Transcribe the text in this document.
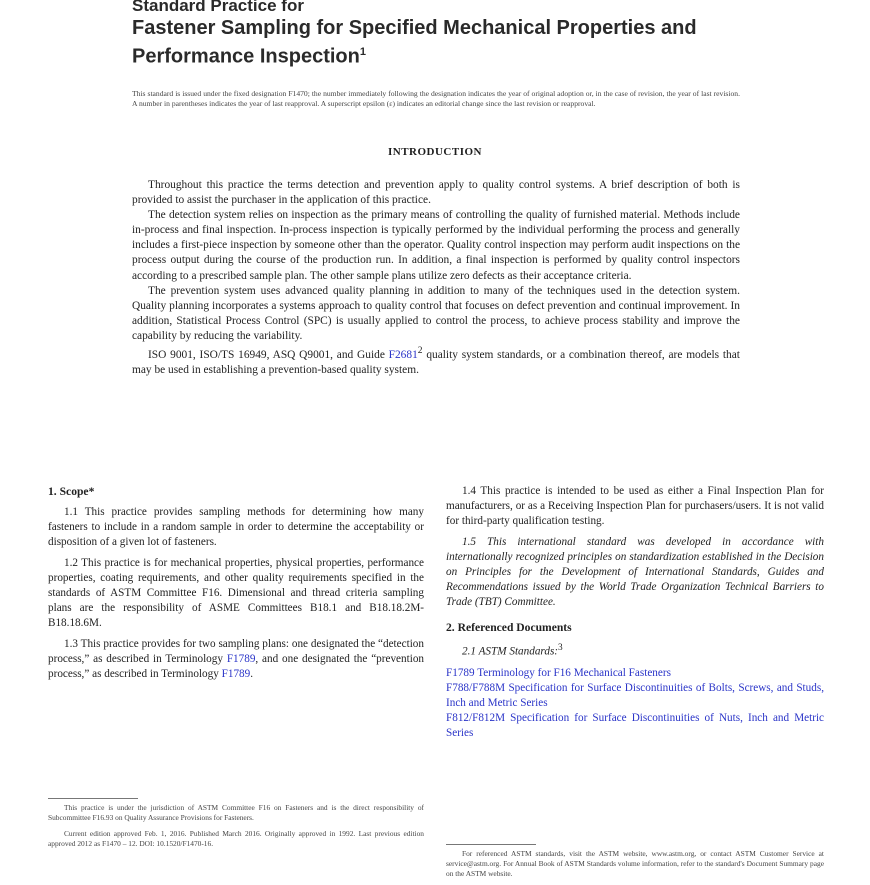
Standard Practice for
Fastener Sampling for Specified Mechanical Properties and
Performance Inspection$^1$
This standard is issued under the fixed designation F1470; the number immediately following the designation indicates the year of original adoption or, in the case of revision, the year of last revision. A number in parentheses indicates the year of last reapproval. A superscript epsilon (ε) indicates an editorial change since the last revision or reapproval.
INTRODUCTION

Throughout this practice the terms detection and prevention apply to quality control systems. A brief description of both is provided to assist the purchaser in the application of this practice.

The detection system relies on inspection as the primary means of controlling the quality of furnished material. Methods include in-process and final inspection. In-process inspection is typically performed by the individual performing the process and generally includes a first-piece inspection by someone other than the operator. Quality control inspection may perform audit inspections on the process output during the course of the production run. In addition, a final inspection is performed by quality control inspectors according to a prescribed sample plan. The other sample plans utilize zero defects as their acceptance criteria.

The prevention system uses advanced quality planning in addition to many of the techniques used in the detection system. Quality planning incorporates a systems approach to quality control that focuses on defect prevention and continual improvement. In addition, Statistical Process Control (SPC) is usually applied to control the process, to achieve process stability and improve the capability by reducing the variability.

ISO 9001, ISO/TS 16949, ASQ Q9001, and Guide F2681$^2$ quality system standards, or a combination thereof, are models that may be used in establishing a prevention-based quality system.

1. Scope*

1.1 This practice provides sampling methods for determining how many fasteners to include in a random sample in order to determine the acceptability or disposition of a given lot of fasteners.

1.2 This practice is for mechanical properties, physical properties, performance properties, coating requirements, and other quality requirements specified in the standards of ASTM Committee F16. Dimensional and thread criteria sampling plans are the responsibility of ASME Committees B18.1 and B18.18.2M-B18.18.6M.

1.3 This practice provides for two sampling plans: one designated the “detection process,” as described in Terminology F1789, and one designated the “prevention process,” as described in Terminology F1789.

This practice is under the jurisdiction of ASTM Committee F16 on Fasteners and is the direct responsibility of Subcommittee F16.93 on Quality Assurance Provisions for Fasteners.

Current edition approved Feb. 1, 2016. Published March 2016. Originally approved in 1992. Last previous edition approved 2012 as F1470 – 12. DOI: 10.1520/F1470-16.

1.4 This practice is intended to be used as either a Final Inspection Plan for manufacturers, or as a Receiving Inspection Plan for purchasers/users. It is not valid for third-party qualification testing.

1.5 This international standard was developed in accordance with internationally recognized principles on standardization established in the Decision on Principles for the Development of International Standards, Guides and Recommendations issued by the World Trade Organization Technical Barriers to Trade (TBT) Committee.

2. Referenced Documents

2.1 ASTM Standards:$^3$

F1789 Terminology for F16 Mechanical Fasteners
F788/F788M Specification for Surface Discontinuities of Bolts, Screws, and Studs, Inch and Metric Series
F812/F812M Specification for Surface Discontinuities of Nuts, Inch and Metric Series

For referenced ASTM standards, visit the ASTM website, www.astm.org, or contact ASTM Customer Service at service@astm.org. For Annual Book of ASTM Standards volume information, refer to the standard's Document Summary page on the ASTM website.
